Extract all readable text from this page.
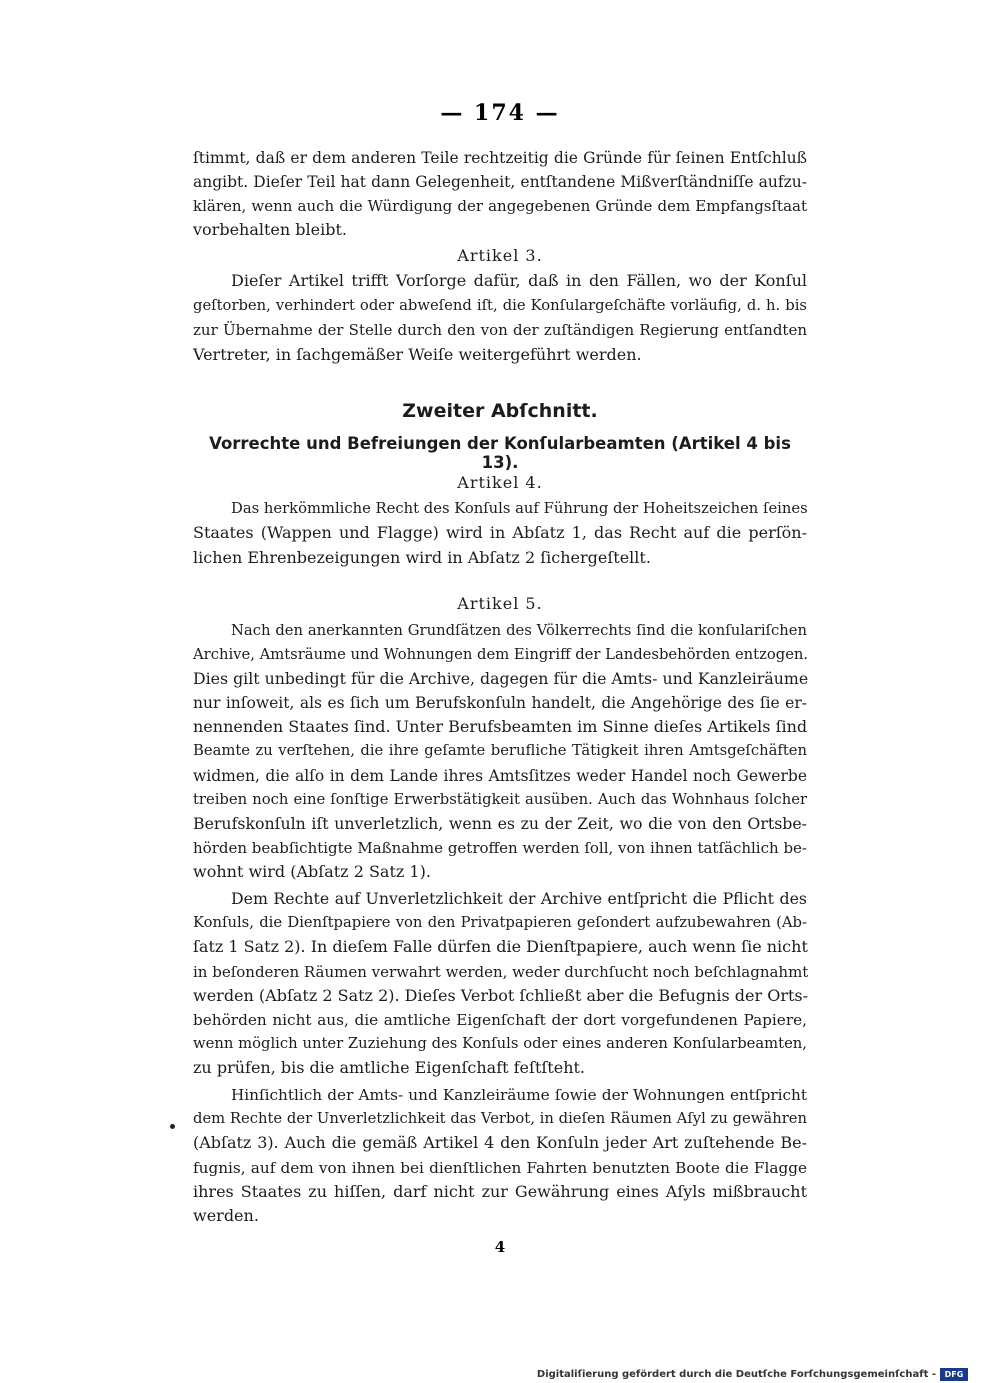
— 174 —
ſtimmt, daß er dem anderen Teile rechtzeitig die Gründe für ſeinen Entſchluß
angibt. Dieſer Teil hat dann Gelegenheit, entſtandene Mißverſtändniſſe aufzu-
klären, wenn auch die Würdigung der angegebenen Gründe dem Empfangsſtaat
vorbehalten bleibt.
Artikel 3.
Dieſer Artikel trifft Vorſorge dafür, daß in den Fällen, wo der Konſul
geſtorben, verhindert oder abweſend iſt, die Konſulargeſchäfte vorläufig, d. h. bis
zur Übernahme der Stelle durch den von der zuſtändigen Regierung entſandten
Vertreter, in ſachgemäßer Weiſe weitergeführt werden.
Zweiter Abſchnitt.
Vorrechte und Befreiungen der Konſularbeamten (Artikel 4 bis 13).
Artikel 4.
Das herkömmliche Recht des Konſuls auf Führung der Hoheitszeichen ſeines
Staates (Wappen und Flagge) wird in Abſatz 1, das Recht auf die perſön-
lichen Ehrenbezeigungen wird in Abſatz 2 ſichergeſtellt.
Artikel 5.
Nach den anerkannten Grundſätzen des Völkerrechts ſind die konſulariſchen
Archive, Amtsräume und Wohnungen dem Eingriff der Landesbehörden entzogen.
Dies gilt unbedingt für die Archive, dagegen für die Amts- und Kanzleiräume
nur inſoweit, als es ſich um Berufskonſuln handelt, die Angehörige des ſie er-
nennenden Staates ſind. Unter Berufsbeamten im Sinne dieſes Artikels ſind
Beamte zu verſtehen, die ihre geſamte berufliche Tätigkeit ihren Amtsgeſchäften
widmen, die alſo in dem Lande ihres Amtsſitzes weder Handel noch Gewerbe
treiben noch eine ſonſtige Erwerbstätigkeit ausüben. Auch das Wohnhaus ſolcher
Berufskonſuln iſt unverletzlich, wenn es zu der Zeit, wo die von den Ortsbe-
hörden beabſichtigte Maßnahme getroffen werden ſoll, von ihnen tatſächlich be-
wohnt wird (Abſatz 2 Satz 1).
Dem Rechte auf Unverletzlichkeit der Archive entſpricht die Pflicht des
Konſuls, die Dienſtpapiere von den Privatpapieren geſondert aufzubewahren (Ab-
ſatz 1 Satz 2). In dieſem Falle dürfen die Dienſtpapiere, auch wenn ſie nicht
in beſonderen Räumen verwahrt werden, weder durchſucht noch beſchlagnahmt
werden (Abſatz 2 Satz 2). Dieſes Verbot ſchließt aber die Befugnis der Orts-
behörden nicht aus, die amtliche Eigenſchaft der dort vorgefundenen Papiere,
wenn möglich unter Zuziehung des Konſuls oder eines anderen Konſularbeamten,
zu prüfen, bis die amtliche Eigenſchaft feſtſteht.
Hinſichtlich der Amts- und Kanzleiräume ſowie der Wohnungen entſpricht
dem Rechte der Unverletzlichkeit das Verbot, in dieſen Räumen Aſyl zu gewähren
(Abſatz 3). Auch die gemäß Artikel 4 den Konſuln jeder Art zuſtehende Be-
fugnis, auf dem von ihnen bei dienſtlichen Fahrten benutzten Boote die Flagge
ihres Staates zu hiſſen, darf nicht zur Gewährung eines Aſyls mißbraucht
werden.
4
Digitaliſierung gefördert durch die Deutſche Forſchungsgemeinſchaft -	DFG
